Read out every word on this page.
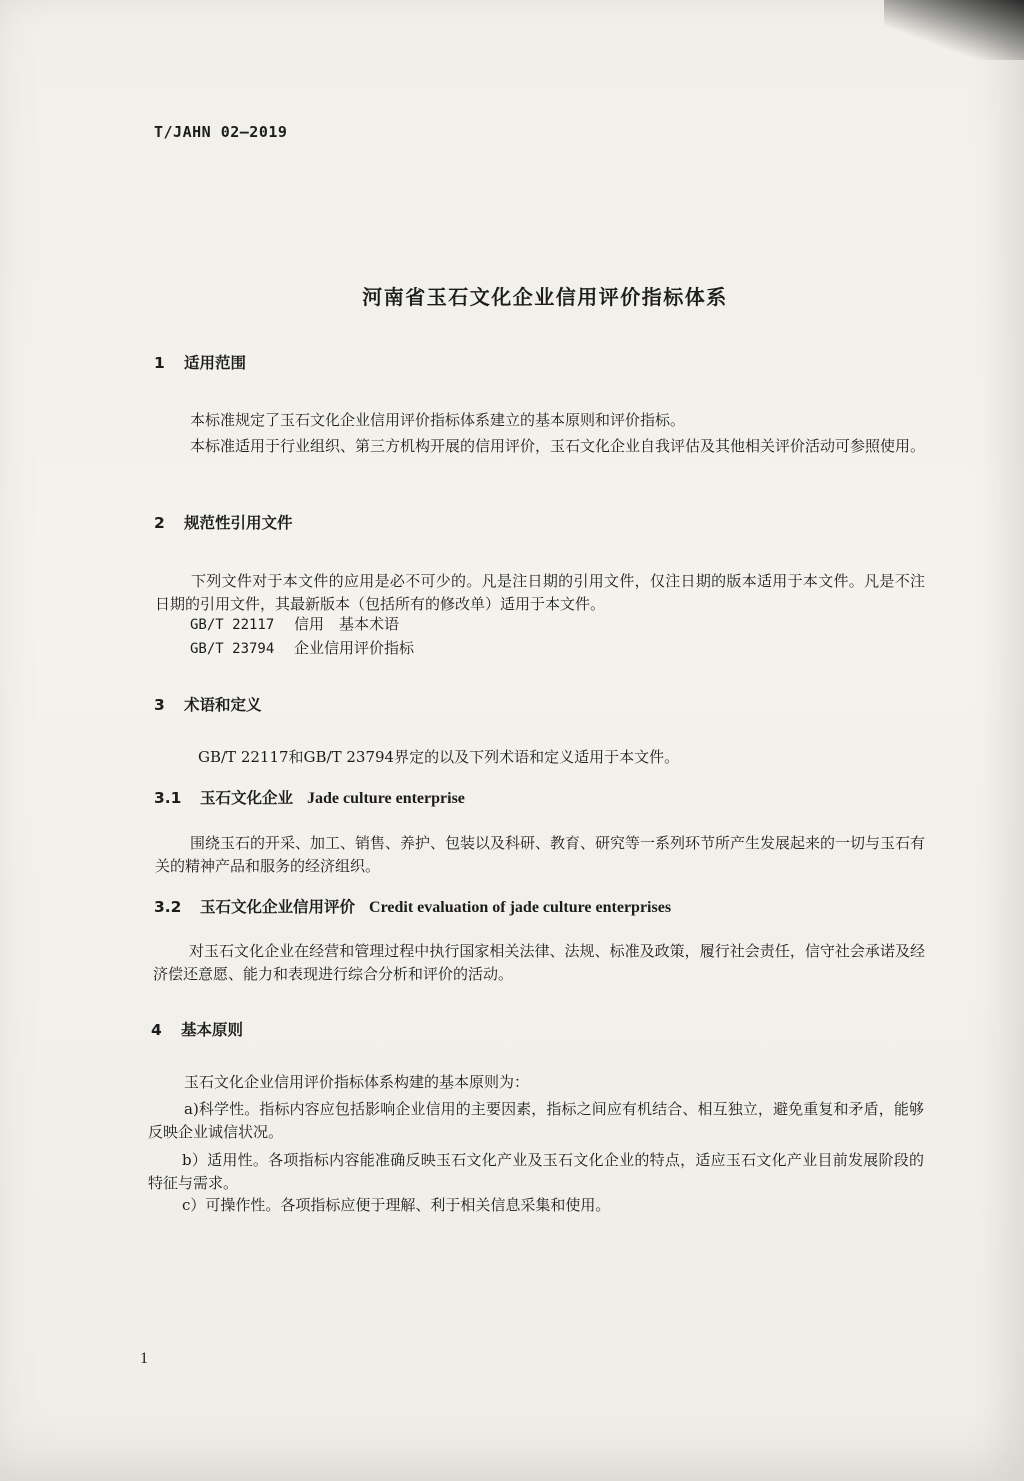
T/JAHN 02—2019
河南省玉石文化企业信用评价指标体系
1 适用范围
本标准规定了玉石文化企业信用评价指标体系建立的基本原则和评价指标。
本标准适用于行业组织、第三方机构开展的信用评价，玉石文化企业自我评估及其他相关评价活动可参照使用。
2 规范性引用文件
下列文件对于本文件的应用是必不可少的。凡是注日期的引用文件，仅注日期的版本适用于本文件。凡是不注日期的引用文件，其最新版本（包括所有的修改单）适用于本文件。
GB/T 22117 信用　基本术语
GB/T 23794 企业信用评价指标
3 术语和定义
GB/T 22117和GB/T 23794界定的以及下列术语和定义适用于本文件。
3.1 玉石文化企业 Jade culture enterprise
围绕玉石的开采、加工、销售、养护、包装以及科研、教育、研究等一系列环节所产生发展起来的一切与玉石有关的精神产品和服务的经济组织。
3.2 玉石文化企业信用评价 Credit evaluation of jade culture enterprises
对玉石文化企业在经营和管理过程中执行国家相关法律、法规、标准及政策，履行社会责任，信守社会承诺及经济偿还意愿、能力和表现进行综合分析和评价的活动。
4 基本原则
玉石文化企业信用评价指标体系构建的基本原则为：
a)科学性。指标内容应包括影响企业信用的主要因素，指标之间应有机结合、相互独立，避免重复和矛盾，能够反映企业诚信状况。
b）适用性。各项指标内容能准确反映玉石文化产业及玉石文化企业的特点，适应玉石文化产业目前发展阶段的特征与需求。
c）可操作性。各项指标应便于理解、利于相关信息采集和使用。
1
